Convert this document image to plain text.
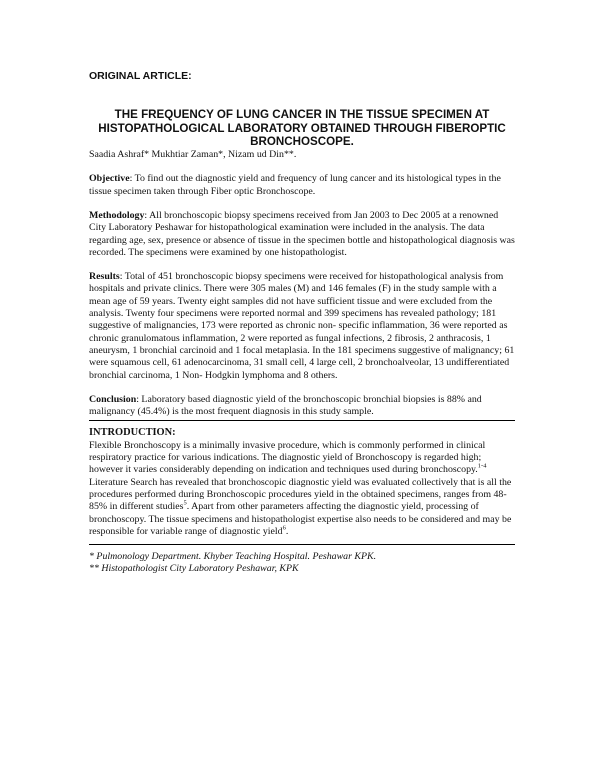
ORIGINAL ARTICLE:
THE FREQUENCY OF LUNG CANCER IN THE TISSUE SPECIMEN AT HISTOPATHOLOGICAL LABORATORY OBTAINED THROUGH FIBEROPTIC BRONCHOSCOPE.
Saadia Ashraf* Mukhtiar Zaman*, Nizam ud Din**.
Objective: To find out the diagnostic yield and frequency of lung cancer and its histological types in the tissue specimen taken through Fiber optic Bronchoscope.
Methodology: All bronchoscopic biopsy specimens received from Jan 2003 to Dec 2005 at a renowned City Laboratory Peshawar for histopathological examination were included in the analysis. The data regarding age, sex, presence or absence of tissue in the specimen bottle and histopathological diagnosis was recorded. The specimens were examined by one histopathologist.
Results: Total of 451 bronchoscopic biopsy specimens were received for histopathological analysis from hospitals and private clinics. There were 305 males (M) and 146 females (F) in the study sample with a mean age of 59 years. Twenty eight samples did not have sufficient tissue and were excluded from the analysis. Twenty four specimens were reported normal and 399 specimens has revealed pathology; 181 suggestive of malignancies, 173 were reported as chronic non- specific inflammation, 36 were reported as chronic granulomatous inflammation, 2 were reported as fungal infections, 2 fibrosis, 2 anthracosis, 1 aneurysm, 1 bronchial carcinoid and 1 focal metaplasia. In the 181 specimens suggestive of malignancy; 61 were squamous cell, 61 adenocarcinoma, 31 small cell, 4 large cell, 2 bronchoalveolar, 13 undifferentiated bronchial carcinoma, 1 Non- Hodgkin lymphoma and 8 others.
Conclusion: Laboratory based diagnostic yield of the bronchoscopic bronchial biopsies is 88% and malignancy (45.4%) is the most frequent diagnosis in this study sample.
INTRODUCTION:

Flexible Bronchoscopy is a minimally invasive procedure, which is commonly performed in clinical respiratory practice for various indications. The diagnostic yield of Bronchoscopy is regarded high; however it varies considerably depending on indication and techniques used during bronchoscopy.$^{1-4}$

Literature Search has revealed that bronchoscopic diagnostic yield was evaluated collectively that is all the procedures performed during Bronchoscopic procedures yield in the obtained specimens, ranges from 48-85% in different studies$^5$. Apart from other parameters affecting the diagnostic yield, processing of bronchoscopy. The tissue specimens and histopathologist expertise also needs to be considered and may be responsible for variable range of diagnostic yield$^6$.

* Pulmonology Department. Khyber Teaching Hospital. Peshawar KPK.
** Histopathologist City Laboratory Peshawar, KPK
